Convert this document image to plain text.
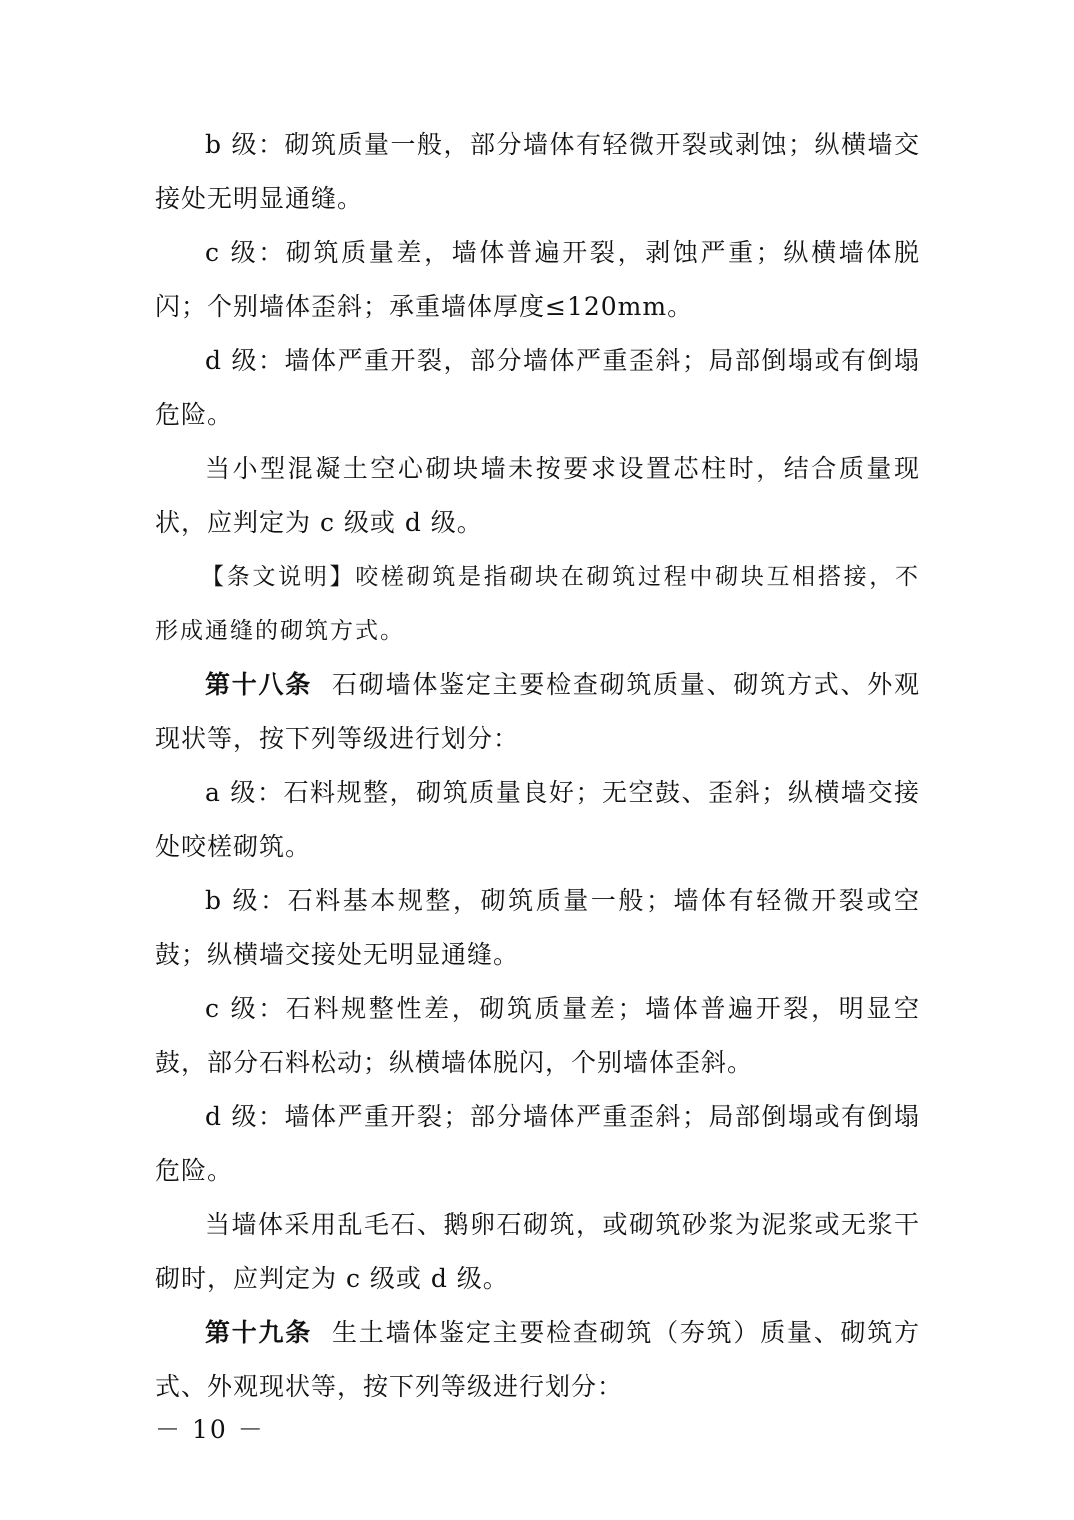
b 级：砌筑质量一般，部分墙体有轻微开裂或剥蚀；纵横墙交接处无明显通缝。

c 级：砌筑质量差，墙体普遍开裂，剥蚀严重；纵横墙体脱闪；个别墙体歪斜；承重墙体厚度≤120mm。

d 级：墙体严重开裂，部分墙体严重歪斜；局部倒塌或有倒塌危险。

当小型混凝土空心砌块墙未按要求设置芯柱时，结合质量现状，应判定为 c 级或 d 级。

【条文说明】咬槎砌筑是指砌块在砌筑过程中砌块互相搭接，不形成通缝的砌筑方式。

第十八条 石砌墙体鉴定主要检查砌筑质量、砌筑方式、外观现状等，按下列等级进行划分：

a 级：石料规整，砌筑质量良好；无空鼓、歪斜；纵横墙交接处咬槎砌筑。

b 级：石料基本规整，砌筑质量一般；墙体有轻微开裂或空鼓；纵横墙交接处无明显通缝。

c 级：石料规整性差，砌筑质量差；墙体普遍开裂，明显空鼓，部分石料松动；纵横墙体脱闪，个别墙体歪斜。

d 级：墙体严重开裂；部分墙体严重歪斜；局部倒塌或有倒塌危险。

当墙体采用乱毛石、鹅卵石砌筑，或砌筑砂浆为泥浆或无浆干砌时，应判定为 c 级或 d 级。

第十九条 生土墙体鉴定主要检查砌筑（夯筑）质量、砌筑方式、外观现状等，按下列等级进行划分：

－ 10 －
